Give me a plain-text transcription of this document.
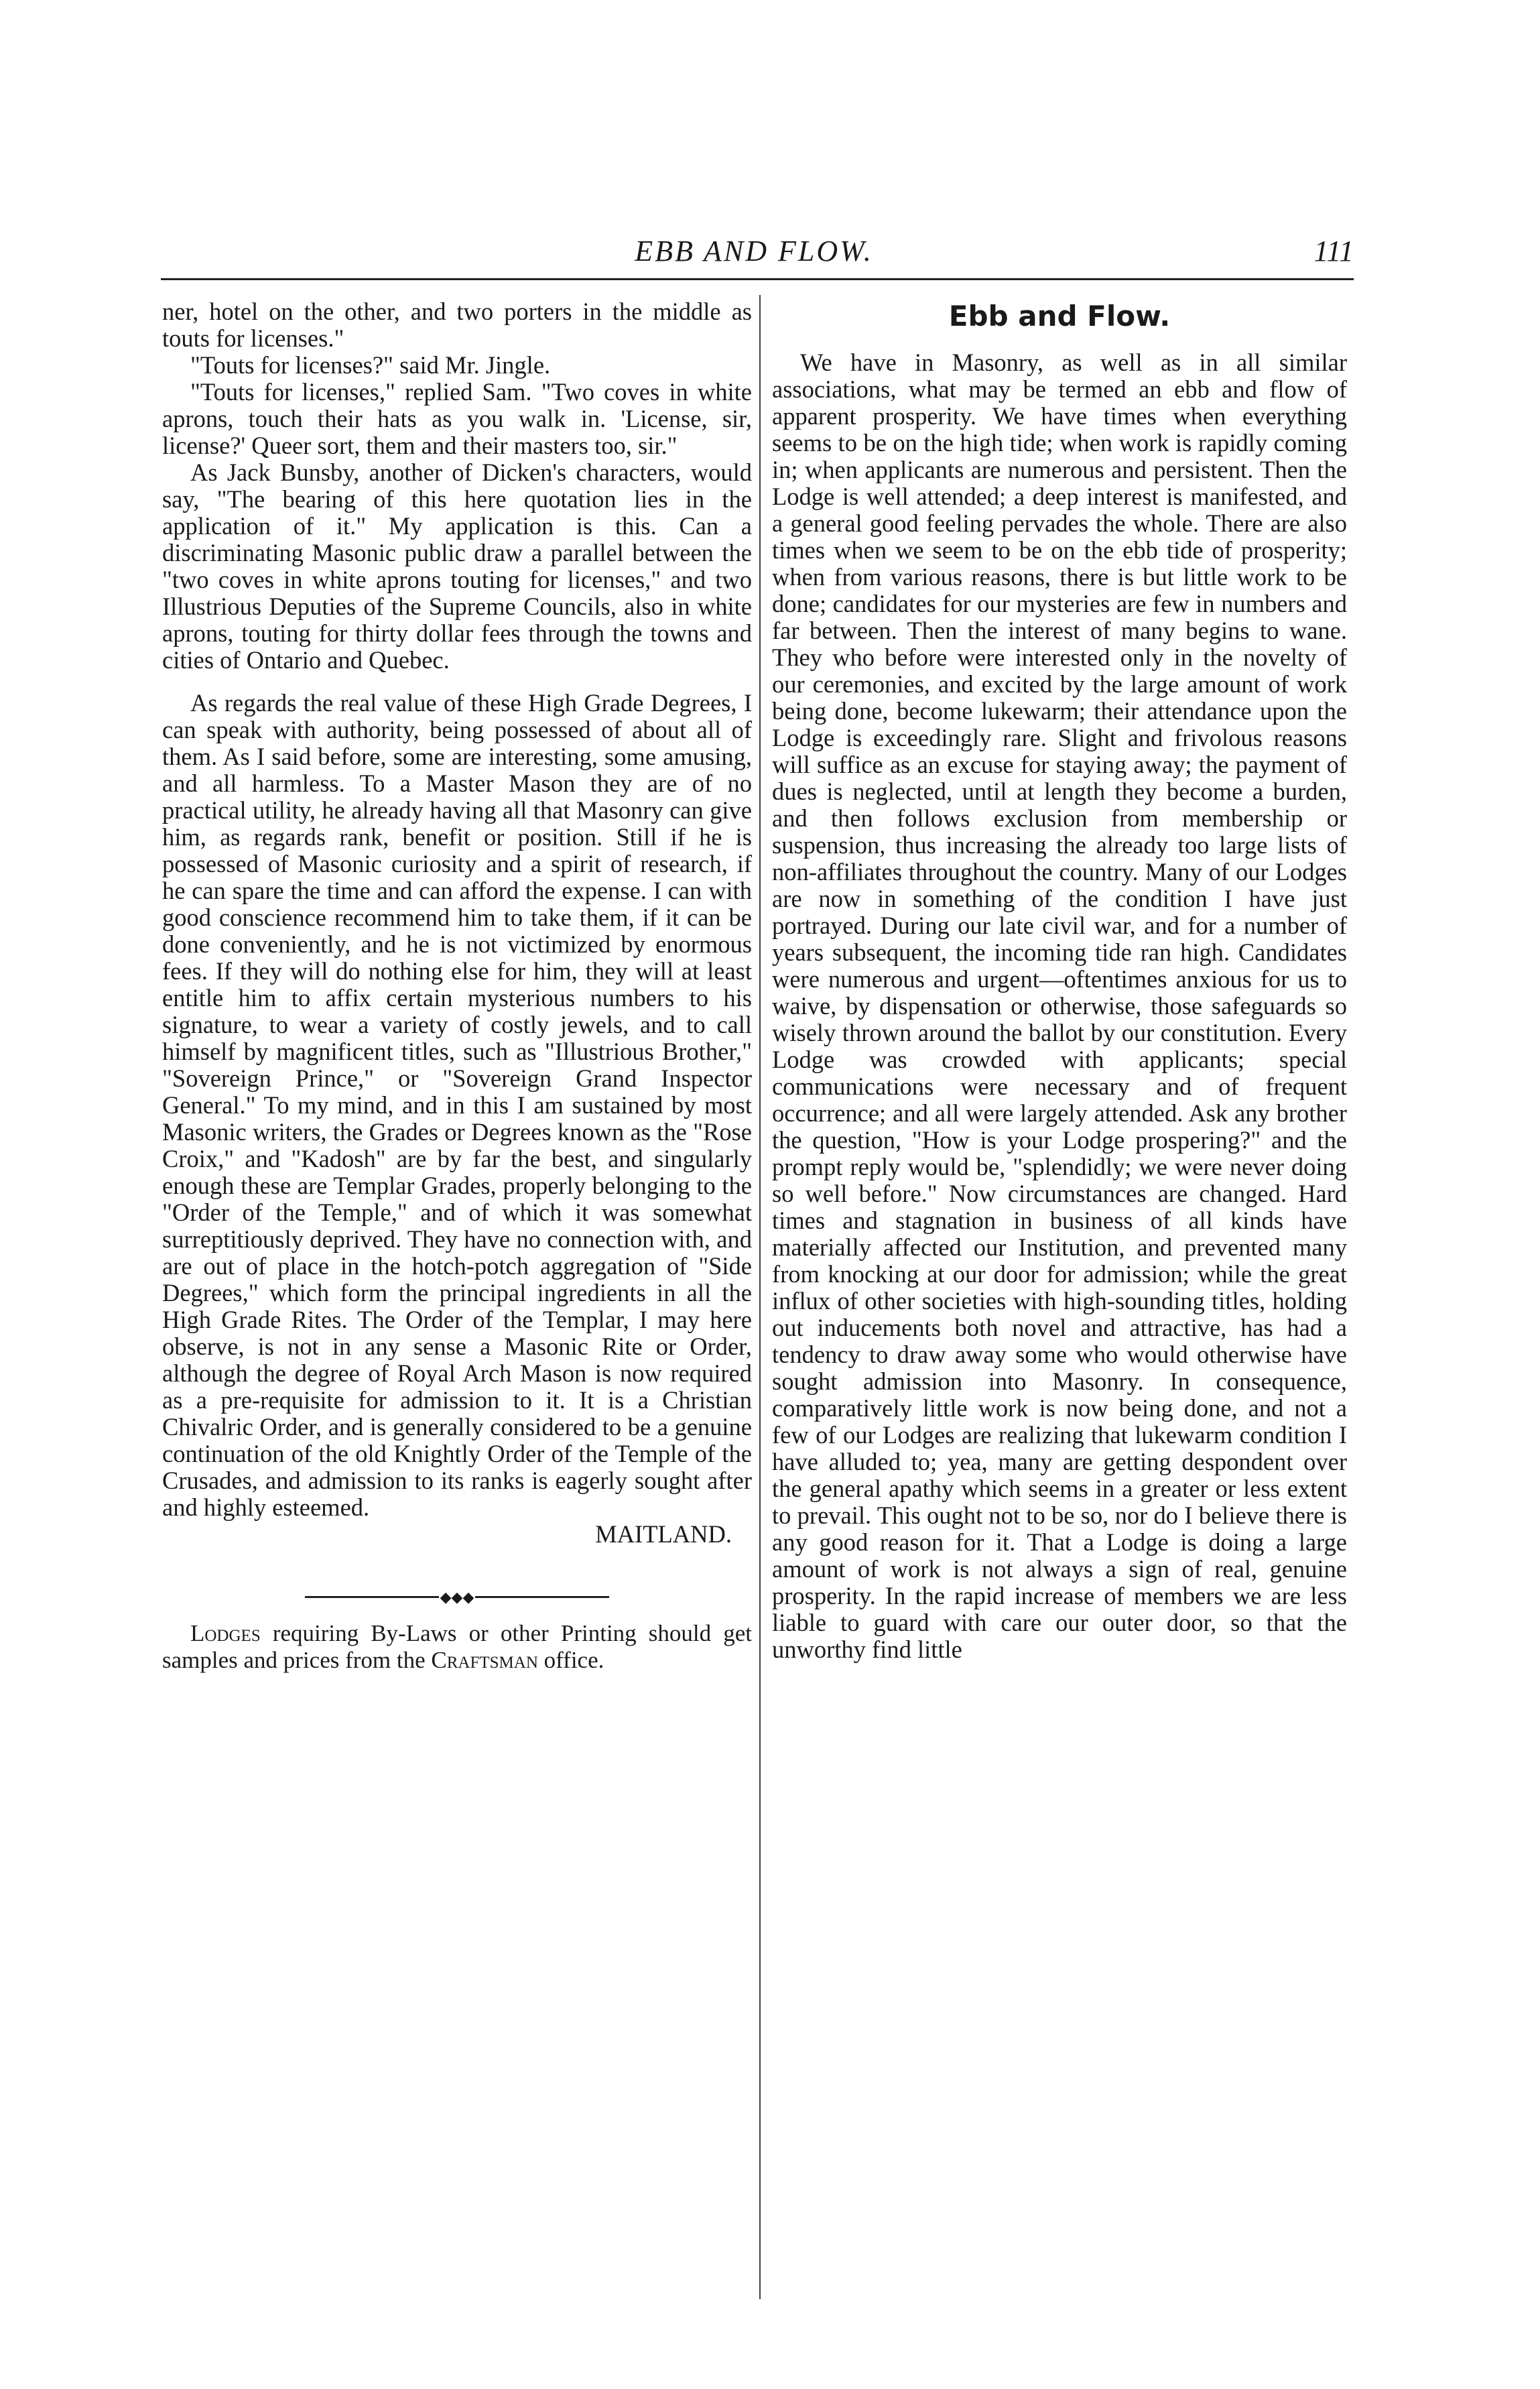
EBB AND FLOW.	111

ner, hotel on the other, and two porters in the middle as touts for licenses."

"Touts for licenses?" said Mr. Jingle.

"Touts for licenses," replied Sam. "Two coves in white aprons, touch their hats as you walk in. 'License, sir, license?' Queer sort, them and their masters too, sir."

As Jack Bunsby, another of Dicken's characters, would say, "The bearing of this here quotation lies in the application of it." My application is this. Can a discriminating Masonic public draw a parallel between the "two coves in white aprons touting for licenses," and two Illustrious Deputies of the Supreme Councils, also in white aprons, touting for thirty dollar fees through the towns and cities of Ontario and Quebec.

As regards the real value of these High Grade Degrees, I can speak with authority, being possessed of about all of them. As I said before, some are interesting, some amusing, and all harmless. To a Master Mason they are of no practical utility, he already having all that Masonry can give him, as regards rank, benefit or position. Still if he is possessed of Masonic curiosity and a spirit of research, if he can spare the time and can afford the expense. I can with good conscience recommend him to take them, if it can be done conveniently, and he is not victimized by enormous fees. If they will do nothing else for him, they will at least entitle him to affix certain mysterious numbers to his signature, to wear a variety of costly jewels, and to call himself by magnificent titles, such as "Illustrious Brother," "Sovereign Prince," or "Sovereign Grand Inspector General." To my mind, and in this I am sustained by most Masonic writers, the Grades or Degrees known as the "Rose Croix," and "Kadosh" are by far the best, and singularly enough these are Templar Grades, properly belonging to the "Order of the Temple," and of which it was somewhat surreptitiously deprived. They have no connection with, and are out of place in the hotch-potch aggregation of "Side Degrees," which form the principal ingredients in all the High Grade Rites. The Order of the Templar, I may here observe, is not in any sense a Masonic Rite or Order, although the degree of Royal Arch Mason is now required as a pre-requisite for admission to it. It is a Christian Chivalric Order, and is generally considered to be a genuine continuation of the old Knightly Order of the Temple of the Crusades, and admission to its ranks is eagerly sought after and highly esteemed.

MAITLAND.

◆◆◆

Lodges requiring By-Laws or other Printing should get samples and prices from the Craftsman office.

Ebb and Flow.

We have in Masonry, as well as in all similar associations, what may be termed an ebb and flow of apparent prosperity. We have times when everything seems to be on the high tide; when work is rapidly coming in; when applicants are numerous and persistent. Then the Lodge is well attended; a deep interest is manifested, and a general good feeling pervades the whole. There are also times when we seem to be on the ebb tide of prosperity; when from various reasons, there is but little work to be done; candidates for our mysteries are few in numbers and far between. Then the interest of many begins to wane. They who before were interested only in the novelty of our ceremonies, and excited by the large amount of work being done, become lukewarm; their attendance upon the Lodge is exceedingly rare. Slight and frivolous reasons will suffice as an excuse for staying away; the payment of dues is neglected, until at length they become a burden, and then follows exclusion from membership or suspension, thus increasing the already too large lists of non-affiliates throughout the country. Many of our Lodges are now in something of the condition I have just portrayed. During our late civil war, and for a number of years subsequent, the incoming tide ran high. Candidates were numerous and urgent—oftentimes anxious for us to waive, by dispensation or otherwise, those safeguards so wisely thrown around the ballot by our constitution. Every Lodge was crowded with applicants; special communications were necessary and of frequent occurrence; and all were largely attended. Ask any brother the question, "How is your Lodge prospering?" and the prompt reply would be, "splendidly; we were never doing so well before." Now circumstances are changed. Hard times and stagnation in business of all kinds have materially affected our Institution, and prevented many from knocking at our door for admission; while the great influx of other societies with high-sounding titles, holding out inducements both novel and attractive, has had a tendency to draw away some who would otherwise have sought admission into Masonry. In consequence, comparatively little work is now being done, and not a few of our Lodges are realizing that lukewarm condition I have alluded to; yea, many are getting despondent over the general apathy which seems in a greater or less extent to prevail. This ought not to be so, nor do I believe there is any good reason for it. That a Lodge is doing a large amount of work is not always a sign of real, genuine prosperity. In the rapid increase of members we are less liable to guard with care our outer door, so that the unworthy find little
